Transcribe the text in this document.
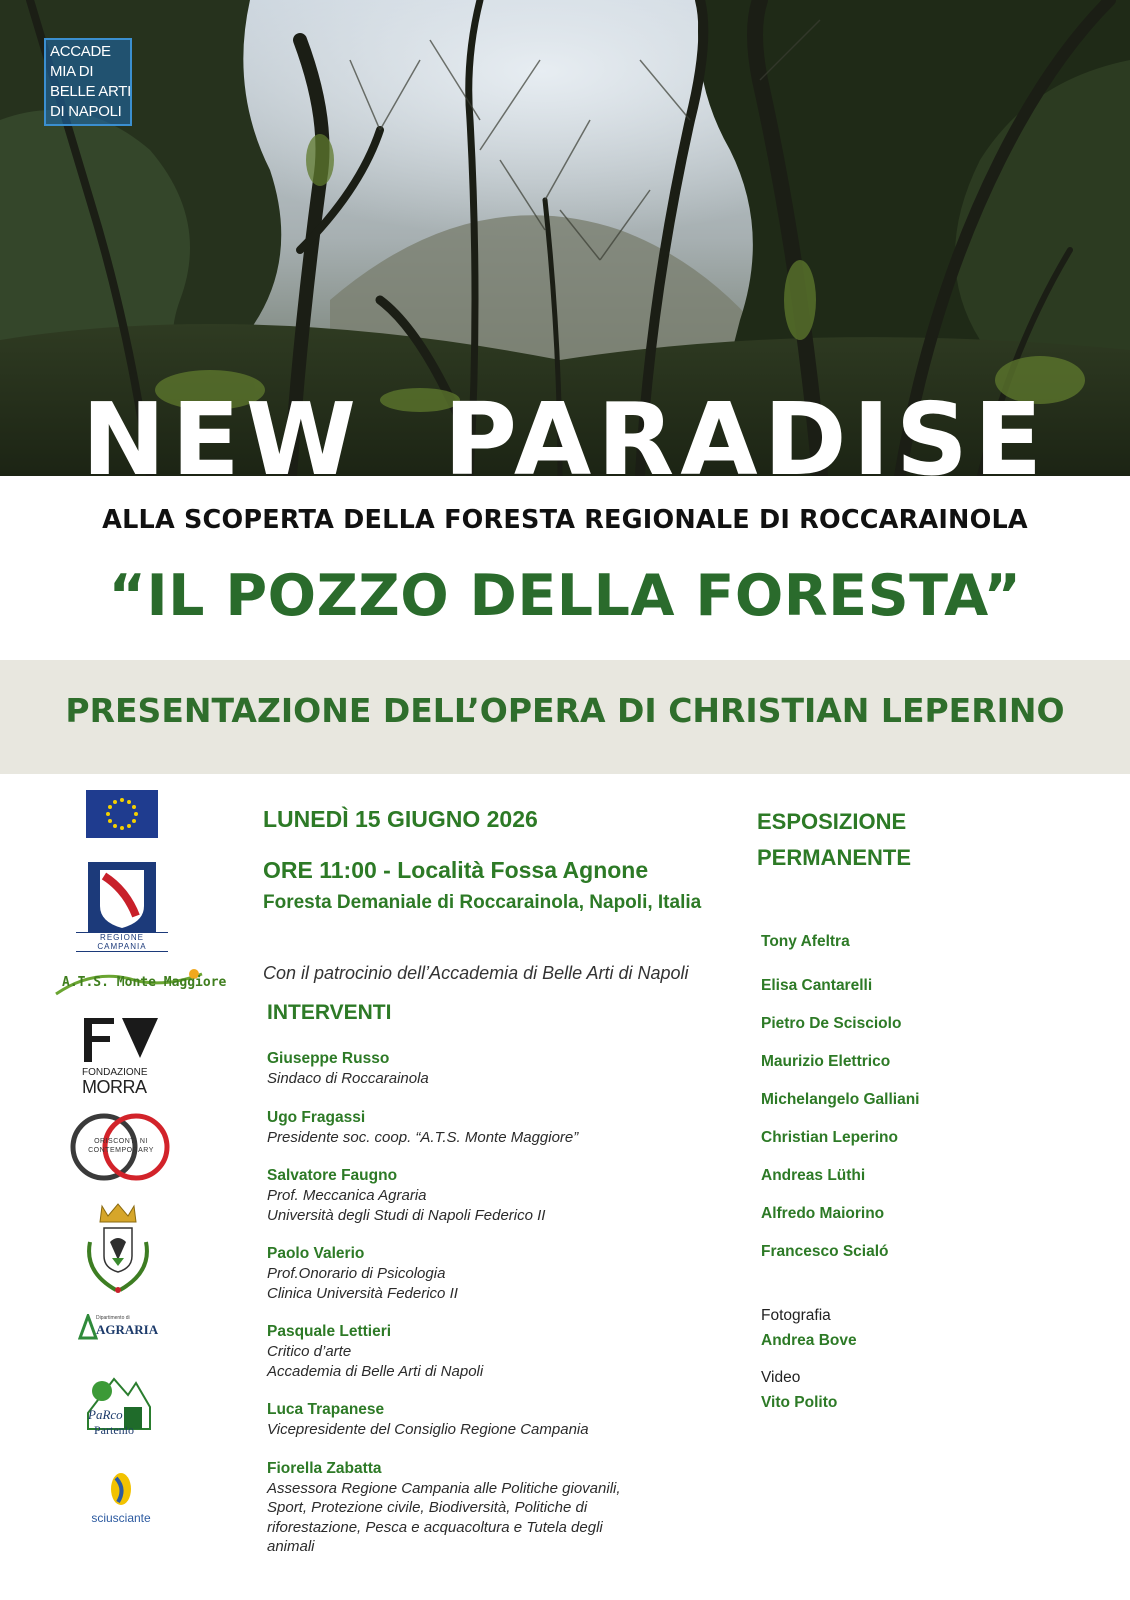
ACCADE
MIA DI
BELLE ARTI
DI NAPOLI
NEW  PARADISE
ALLA SCOPERTA DELLA FORESTA REGIONALE DI ROCCARAINOLA
“IL POZZO DELLA FORESTA”
PRESENTAZIONE DELL’OPERA DI CHRISTIAN LEPERINO
REGIONE CAMPANIA
A.T.S. Monte Maggiore
FONDAZIONE
MORRA
ORISCONTI NI
CONTEMPORARY
Dipartimento di
AGRARIA
PaRco
Partenio
sciusciante
LUNEDÌ 15 GIUGNO 2026
ORE 11:00 - Località Fossa Agnone
Foresta Demaniale di Roccarainola, Napoli, Italia
Con il patrocinio dell’Accademia di Belle Arti di Napoli
INTERVENTI
Giuseppe Russo
Sindaco di Roccarainola
Ugo Fragassi
Presidente soc. coop. “A.T.S. Monte Maggiore”
Salvatore Faugno
Prof. Meccanica Agraria
Università degli Studi di Napoli Federico II
Paolo Valerio
Prof.Onorario di Psicologia
Clinica Università Federico II
Pasquale Lettieri
Critico d’arte
Accademia di Belle Arti di Napoli
Luca Trapanese
Vicepresidente del Consiglio Regione Campania
Fiorella Zabatta
Assessora Regione Campania alle Politiche giovanili,
Sport, Protezione civile, Biodiversità, Politiche di
riforestazione, Pesca e acquacoltura e Tutela degli
animali
ESPOSIZIONE
PERMANENTE
Tony Afeltra
Elisa Cantarelli
Pietro De Scisciolo
Maurizio Elettrico
Michelangelo Galliani
Christian Leperino
Andreas Lüthi
Alfredo Maiorino
Francesco Scialó
Fotografia
Andrea Bove
Video
Vito Polito
